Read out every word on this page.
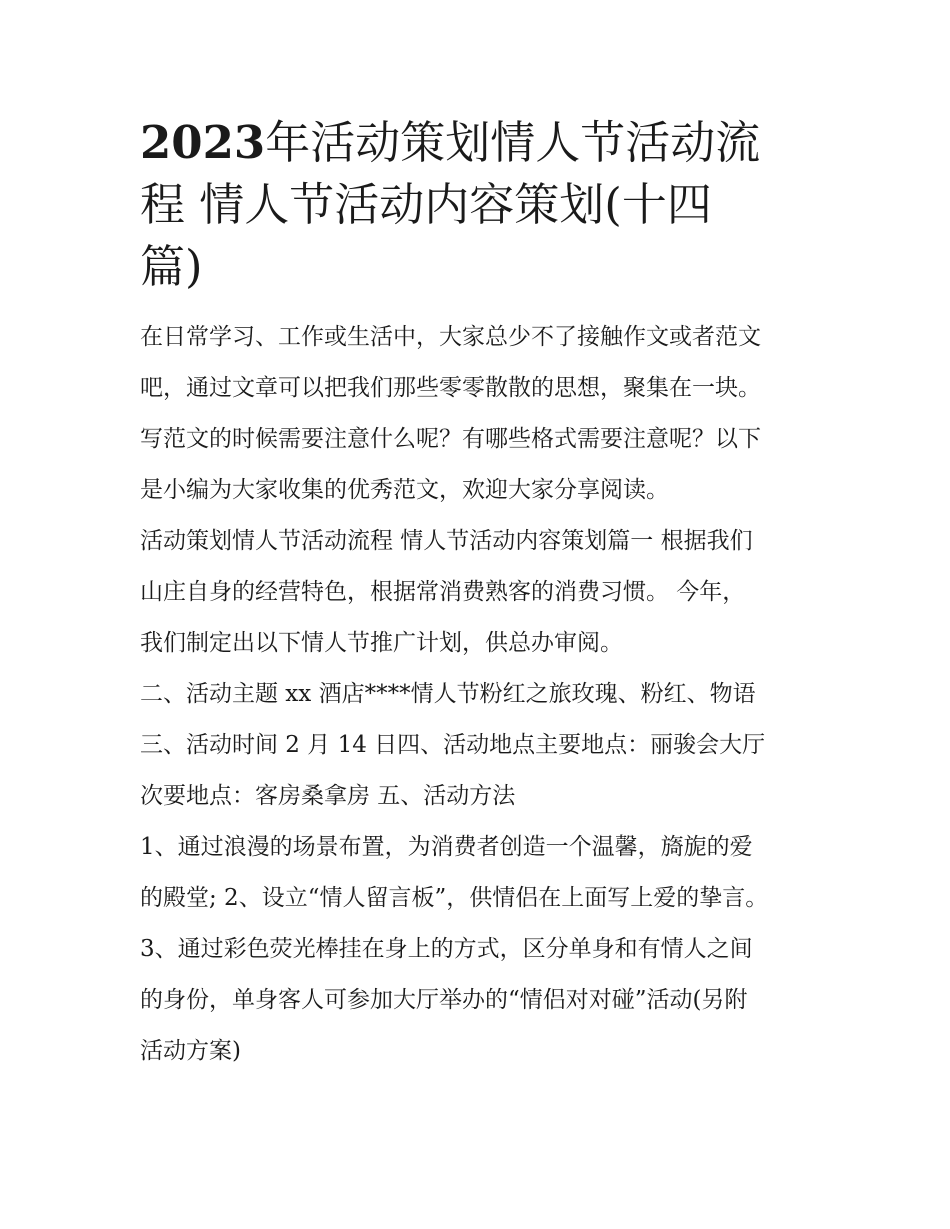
2023年活动策划情人节活动流
程 情人节活动内容策划(十四
篇)

在日常学习、工作或生活中，大家总少不了接触作文或者范文
吧，通过文章可以把我们那些零零散散的思想，聚集在一块。
写范文的时候需要注意什么呢？有哪些格式需要注意呢？以下
是小编为大家收集的优秀范文，欢迎大家分享阅读。

活动策划情人节活动流程 情人节活动内容策划篇一 根据我们
山庄自身的经营特色，根据常消费熟客的消费习惯。 今年，
我们制定出以下情人节推广计划，供总办审阅。

二、活动主题 xx 酒店****情人节粉红之旅玫瑰、粉红、物语
三、活动时间 2 月 14 日四、活动地点主要地点：丽骏会大厅
次要地点：客房桑拿房 五、活动方法

1、通过浪漫的场景布置，为消费者创造一个温馨，旖旎的爱
的殿堂; 2、设立“情人留言板”，供情侣在上面写上爱的挚言。
3、通过彩色荧光棒挂在身上的方式，区分单身和有情人之间
的身份，单身客人可参加大厅举办的“情侣对对碰”活动(另附
活动方案)
